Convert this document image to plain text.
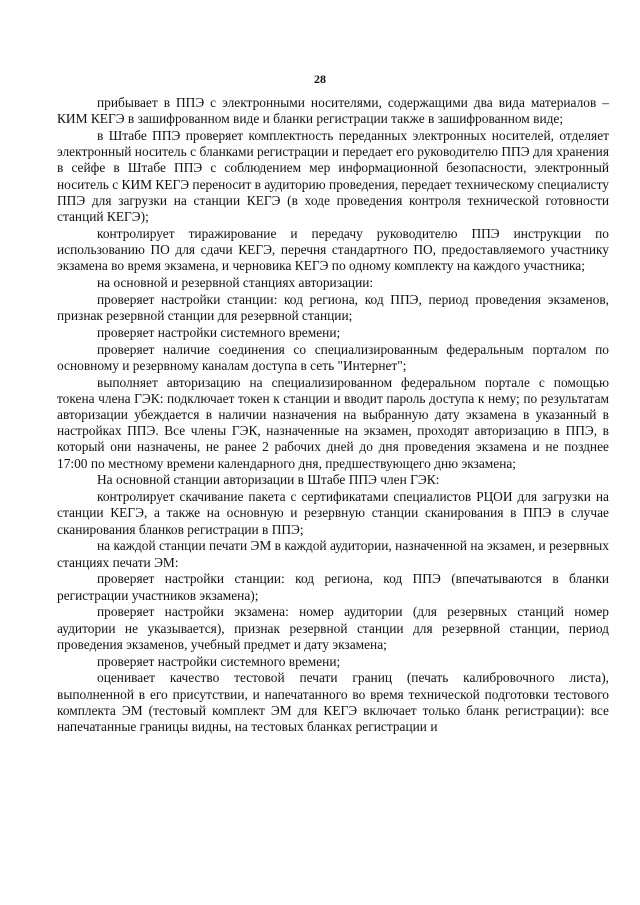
28

прибывает в ППЭ с электронными носителями, содержащими два вида материалов – КИМ КЕГЭ в зашифрованном виде и бланки регистрации также в зашифрованном виде;

в Штабе ППЭ проверяет комплектность переданных электронных носителей, отделяет электронный носитель с бланками регистрации и передает его руководителю ППЭ для хранения в сейфе в Штабе ППЭ с соблюдением мер информационной безопасности, электронный носитель с КИМ КЕГЭ переносит в аудиторию проведения, передает техническому специалисту ППЭ для загрузки на станции КЕГЭ (в ходе проведения контроля технической готовности станций КЕГЭ);

контролирует тиражирование и передачу руководителю ППЭ инструкции по использованию ПО для сдачи КЕГЭ, перечня стандартного ПО, предоставляемого участнику экзамена во время экзамена, и черновика КЕГЭ по одному комплекту на каждого участника;

на основной и резервной станциях авторизации:

проверяет настройки станции: код региона, код ППЭ, период проведения экзаменов, признак резервной станции для резервной станции;

проверяет настройки системного времени;

проверяет наличие соединения со специализированным федеральным порталом по основному и резервному каналам доступа в сеть "Интернет";

выполняет авторизацию на специализированном федеральном портале с помощью токена члена ГЭК: подключает токен к станции и вводит пароль доступа к нему; по результатам авторизации убеждается в наличии назначения на выбранную дату экзамена в указанный в настройках ППЭ. Все члены ГЭК, назначенные на экзамен, проходят авторизацию в ППЭ, в который они назначены, не ранее 2 рабочих дней до дня проведения экзамена и не позднее 17:00 по местному времени календарного дня, предшествующего дню экзамена;

На основной станции авторизации в Штабе ППЭ член ГЭК:

контролирует скачивание пакета с сертификатами специалистов РЦОИ для загрузки на станции КЕГЭ, а также на основную и резервную станции сканирования в ППЭ в случае сканирования бланков регистрации в ППЭ;

на каждой станции печати ЭМ в каждой аудитории, назначенной на экзамен, и резервных станциях печати ЭМ:

проверяет настройки станции: код региона, код ППЭ (впечатываются в бланки регистрации участников экзамена);

проверяет настройки экзамена: номер аудитории (для резервных станций номер аудитории не указывается), признак резервной станции для резервной станции, период проведения экзаменов, учебный предмет и дату экзамена;

проверяет настройки системного времени;

оценивает качество тестовой печати границ (печать калибровочного листа), выполненной в его присутствии, и напечатанного во время технической подготовки тестового комплекта ЭМ (тестовый комплект ЭМ для КЕГЭ включает только бланк регистрации): все напечатанные границы видны, на тестовых бланках регистрации и
